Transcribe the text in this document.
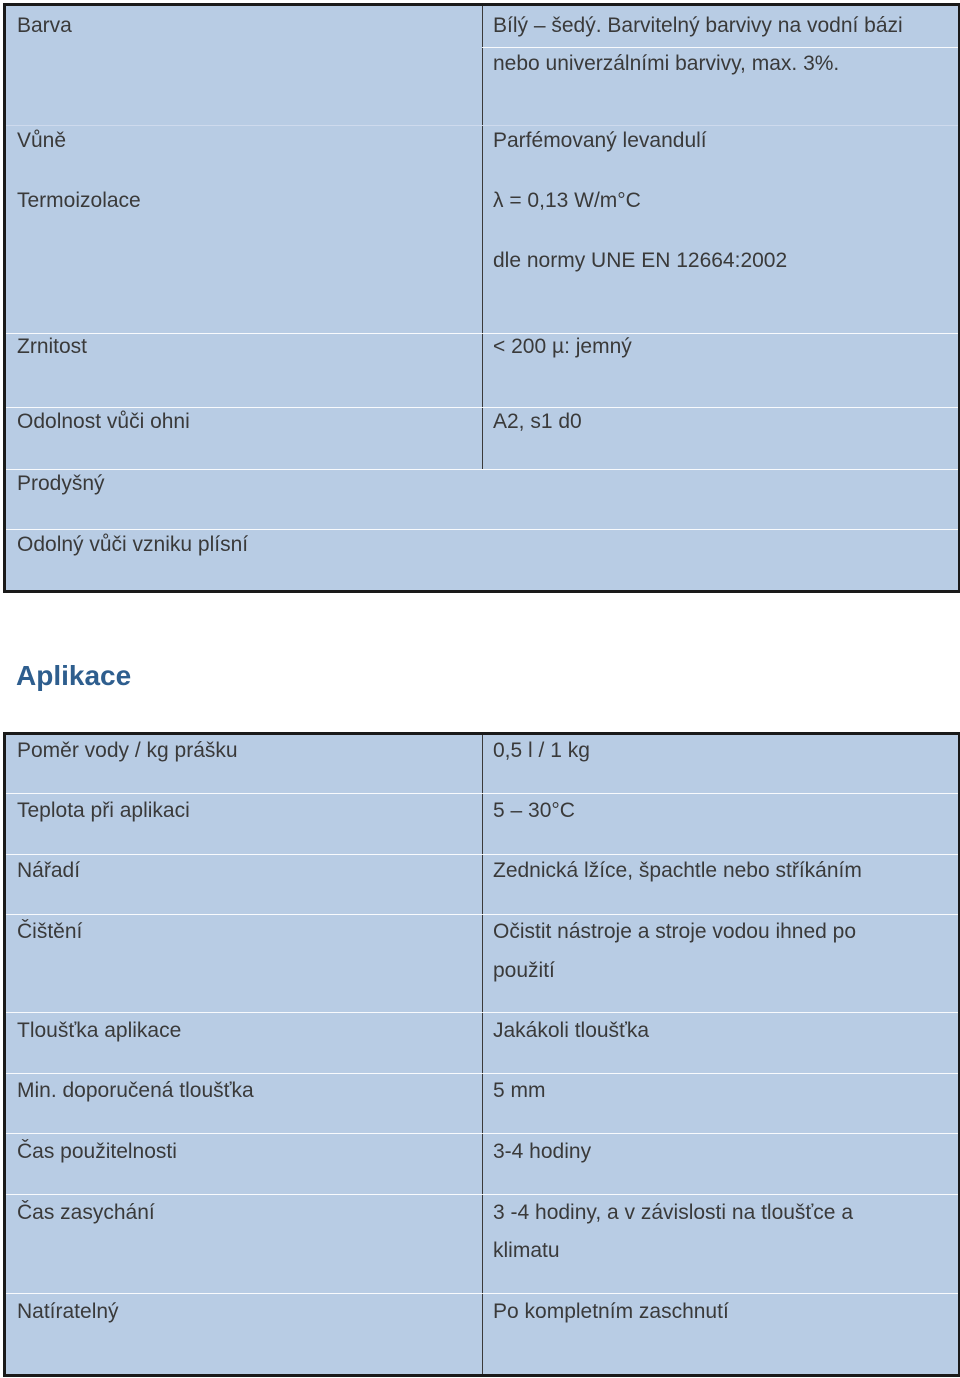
Barva	Bílý – šedý. Barvitelný barvivy na vodní bázi
nebo univerzálními barvivy, max. 3%.
Vůně	Parfémovaný levandulí
Termoizolace	λ = 0,13 W/m°C
dle normy UNE EN 12664:2002
Zrnitost	< 200 µ: jemný
Odolnost vůči ohni	A2, s1 d0
Prodyšný
Odolný vůči vzniku plísní
Aplikace
Poměr vody / kg prášku	0,5 l / 1 kg
Teplota při aplikaci	5 – 30°C
Nářadí	Zednická lžíce, špachtle nebo stříkáním
Čištění	Očistit nástroje a stroje vodou ihned po
použití
Tloušťka aplikace	Jakákoli tloušťka
Min. doporučená tloušťka	5 mm
Čas použitelnosti	3-4 hodiny
Čas zasychání	3 -4 hodiny, a v závislosti na tloušťce a
klimatu
Natíratelný	Po kompletním zaschnutí
